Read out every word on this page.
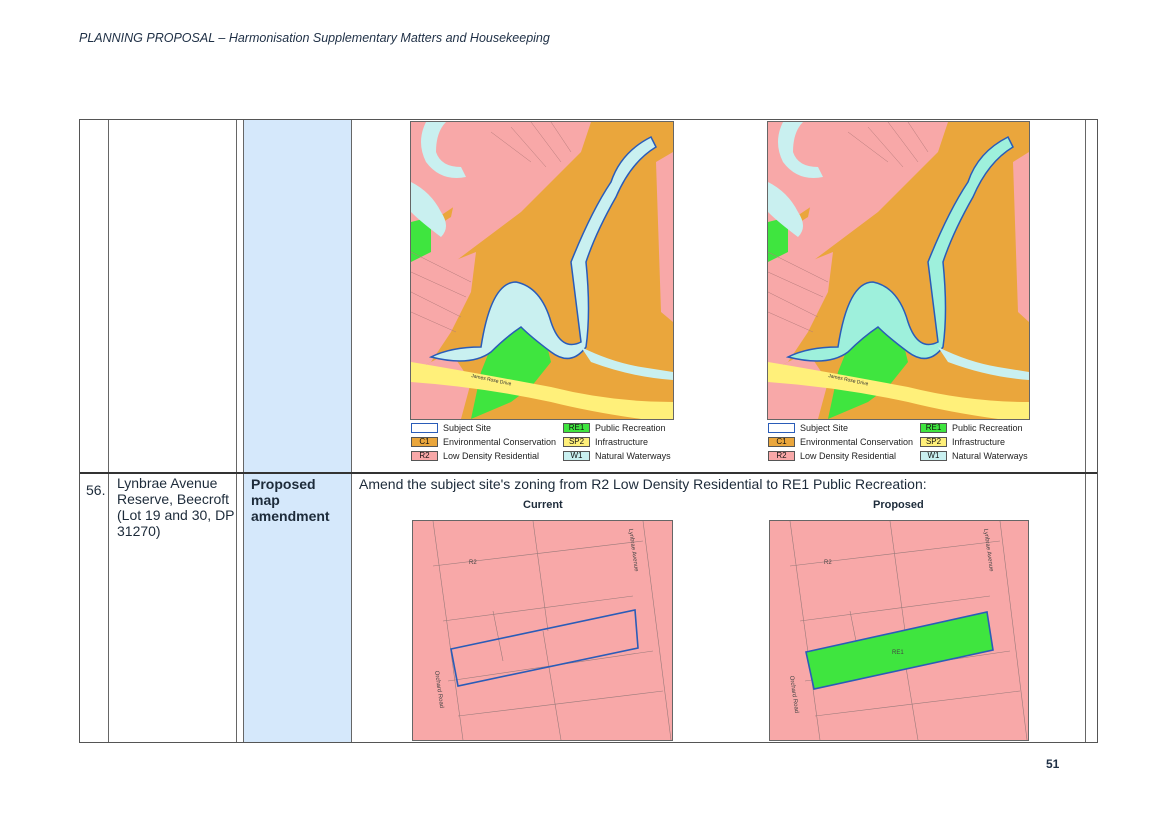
PLANNING PROPOSAL – Harmonisation Supplementary Matters and Housekeeping
56. Lynbrae Avenue Reserve, Beecroft (Lot 19 and 30, DP 31270)
Proposed map amendment
Amend the subject site's zoning from R2 Low Density Residential to RE1 Public Recreation:
Current	Proposed
James Rose Drive	James Rose Drive
Subject Site	RE1	Public Recreation
C1	Environmental Conservation	SP2	Infrastructure
R2	Low Density Residential	W1	Natural Waterways
Subject Site	RE1	Public Recreation
C1	Environmental Conservation	SP2	Infrastructure
R2	Low Density Residential	W1	Natural Waterways
R2	Lynbrae Avenue
Orchard Road
RE1
R2	Lynbrae Avenue
Orchard Road
51
